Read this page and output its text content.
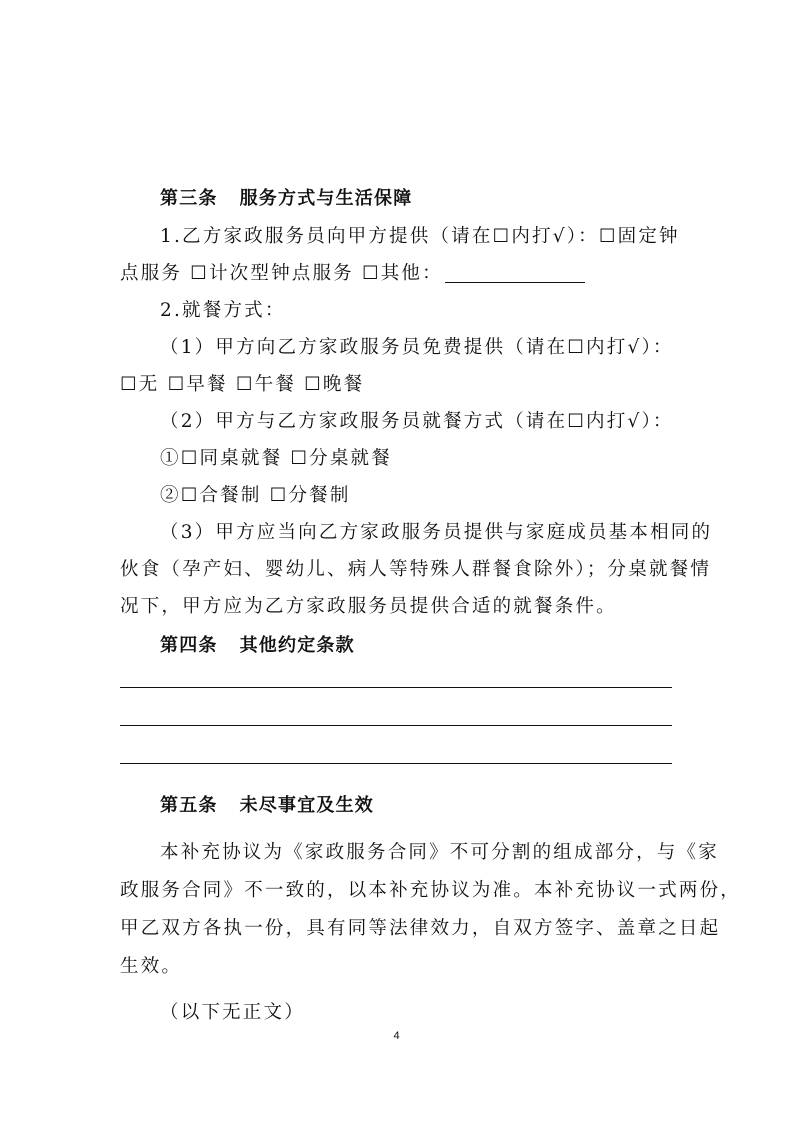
第三条 服务方式与生活保障
1.乙方家政服务员向甲方提供（请在☐内打√）：☐固定钟
点服务 ☐计次型钟点服务 ☐其他：
2.就餐方式：
（1）甲方向乙方家政服务员免费提供（请在☐内打√）：
☐无 ☐早餐 ☐午餐 ☐晚餐
（2）甲方与乙方家政服务员就餐方式（请在☐内打√）：
①☐同桌就餐 ☐分桌就餐
②☐合餐制 ☐分餐制
（3）甲方应当向乙方家政服务员提供与家庭成员基本相同的
伙食（孕产妇、婴幼儿、病人等特殊人群餐食除外）；分桌就餐情
况下，甲方应为乙方家政服务员提供合适的就餐条件。
第四条 其他约定条款
第五条 未尽事宜及生效
本补充协议为《家政服务合同》不可分割的组成部分，与《家
政服务合同》不一致的，以本补充协议为准。本补充协议一式两份，
甲乙双方各执一份，具有同等法律效力，自双方签字、盖章之日起
生效。
（以下无正文）
4
